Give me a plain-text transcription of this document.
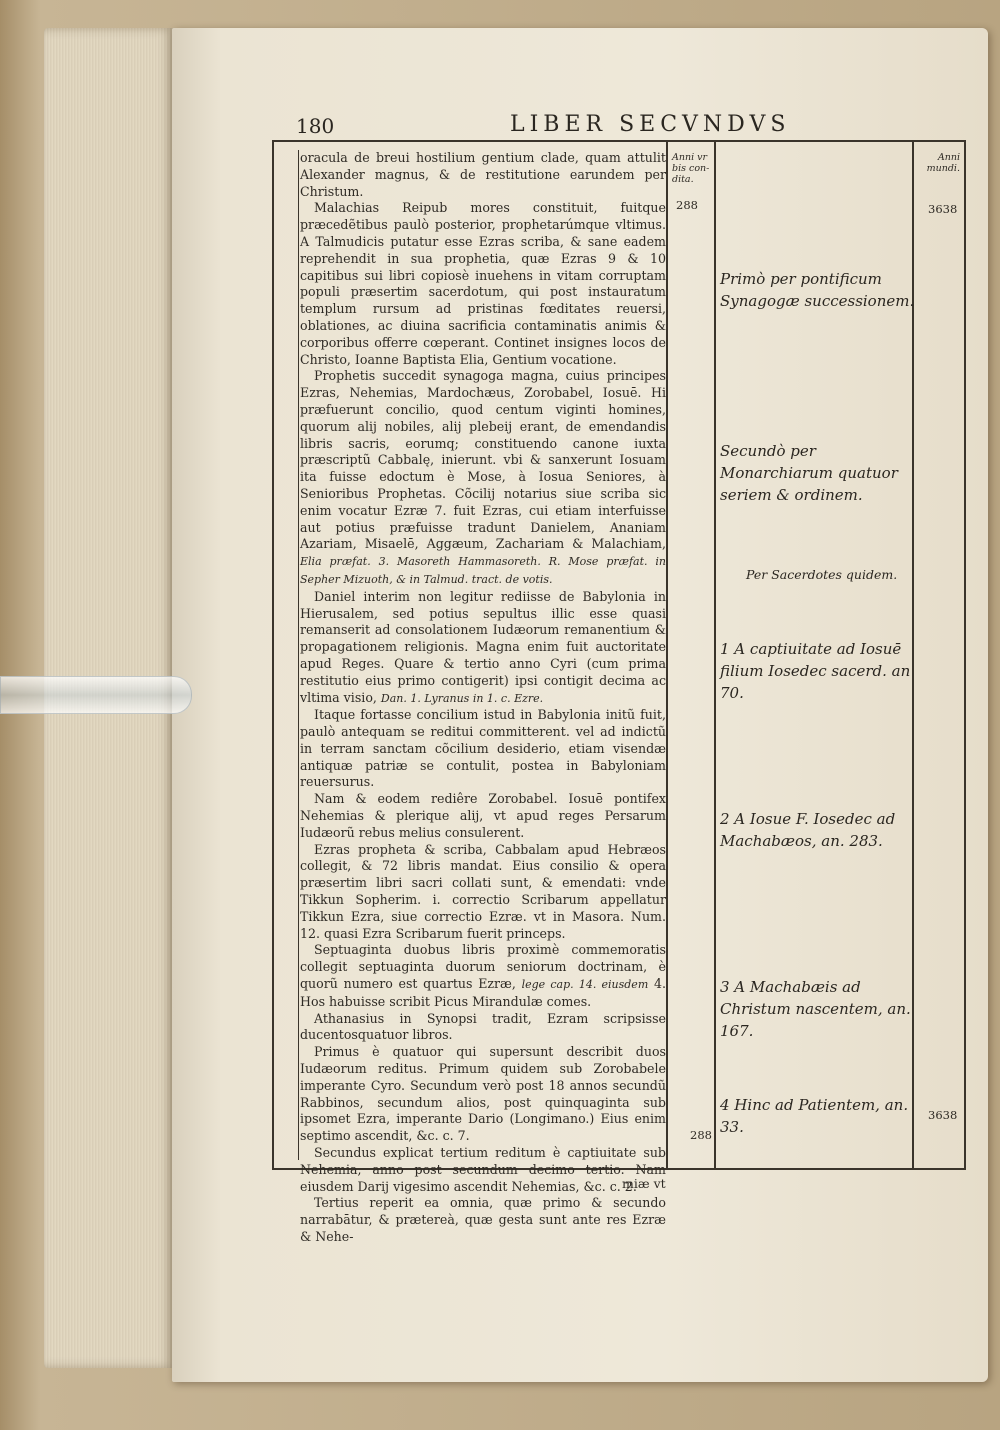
180	LIBER SECVNDVS
Anni vr bis con-dita.
Anni mundi.
288	3638
288
3638

oracula de breui hostilium gentium clade, quam attulit Alexander magnus, & de restitutione earundem per Christum.

Malachias Reipub mores constituit, fuitque præcedẽtibus paulò posterior, prophetarúmque vltimus. A Talmudicis putatur esse Ezras scriba, & sane eadem reprehendit in sua prophetia, quæ Ezras 9 & 10 capitibus sui libri copiosè inuehens in vitam corruptam populi præsertim sacerdotum, qui post instauratum templum rursum ad pristinas fœditates reuersi, oblationes, ac diuina sacrificia contaminatis animis & corporibus offerre cœperant. Continet insignes locos de Christo, Ioanne Baptista Elia, Gentium vocatione.

Prophetis succedit synagoga magna, cuius principes Ezras, Nehemias, Mardochæus, Zorobabel, Iosuē. Hi præfuerunt concilio, quod centum viginti homines, quorum alij nobiles, alij plebeij erant, de emendandis libris sacris, eorumq; constituendo canone iuxta præscriptũ Cabbalę, inierunt. vbi & sanxerunt Iosuam ita fuisse edoctum è Mose, à Iosua Seniores, à Senioribus Prophetas. Cõcilij notarius siue scriba sic enim vocatur Ezræ 7. fuit Ezras, cui etiam interfuisse aut potius præfuisse tradunt Danielem, Ananiam Azariam, Misaelē, Aggæum, Zachariam & Malachiam, Elia præfat. 3. Masoreth Hammasoreth. R. Mose præfat. in Sepher Mizuoth, & in Talmud. tract. de votis.

Daniel interim non legitur rediisse de Babylonia in Hierusalem, sed potius sepultus illic esse quasi remanserit ad consolationem Iudæorum remanentium & propagationem religionis. Magna enim fuit auctoritate apud Reges. Quare & tertio anno Cyri (cum prima restitutio eius primo contigerit) ipsi contigit decima ac vltima visio, Dan. 1. Lyranus in 1. c. Ezre.

Itaque fortasse concilium istud in Babylonia initũ fuit, paulò antequam se reditui committerent. vel ad indictũ in terram sanctam cõcilium desiderio, etiam visendæ antiquæ patriæ se contulit, postea in Babyloniam reuersurus.

Nam & eodem rediêre Zorobabel. Iosuē pontifex Nehemias & plerique alij, vt apud reges Persarum Iudæorũ rebus melius consulerent.

Ezras propheta & scriba, Cabbalam apud Hebræos collegit, & 72 libris mandat. Eius consilio & opera præsertim libri sacri collati sunt, & emendati: vnde Tikkun Sopherim. i. correctio Scribarum appellatur Tikkun Ezra, siue correctio Ezræ. vt in Masora. Num. 12. quasi Ezra Scribarum fuerit princeps.

Septuaginta duobus libris proximè commemoratis collegit septuaginta duorum seniorum doctrinam, è quorũ numero est quartus Ezræ, lege cap. 14. eiusdem 4. Hos habuisse scribit Picus Mirandulæ comes.

Athanasius in Synopsi tradit, Ezram scripsisse ducentosquatuor libros.

Primus è quatuor qui supersunt describit duos Iudæorum reditus. Primum quidem sub Zorobabele imperante Cyro. Secundum verò post 18 annos secundũ Rabbinos, secundum alios, post quinquaginta sub ipsomet Ezra, imperante Dario (Longimano.) Eius enim septimo ascendit, &c. c. 7.

Secundus explicat tertium reditum è captiuitate sub Nehemia, anno post secundum decimo tertio. Nam eiusdem Darij vigesimo ascendit Nehemias, &c. c. 2.

Tertius reperit ea omnia, quæ primo & secundo narrabātur, & prætereà, quæ gesta sunt ante res Ezræ & Nehe-

Primò per pontificum Synagogæ successionem.
Secundò per Monarchiarum quatuor seriem & ordinem.
Per Sacerdotes quidem.
1 A captiuitate ad Iosuē filium Iosedec sacerd. an 70.
2 A Iosue F. Iosedec ad Machabæos, an. 283.
3 A Machabæis ad Christum nascentem, an. 167.
4 Hinc ad Patientem, an. 33.
miæ vt
